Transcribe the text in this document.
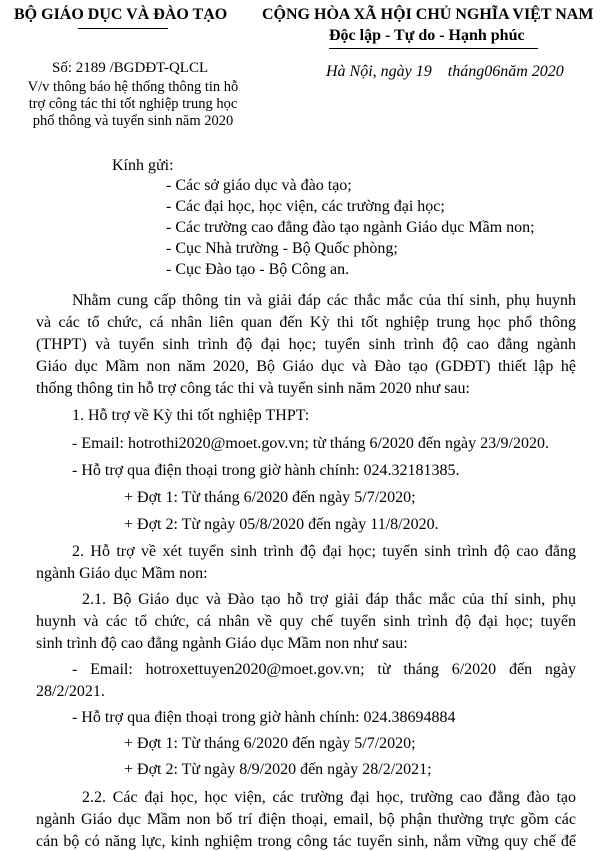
BỘ GIÁO DỤC VÀ ĐÀO TẠO CỘNG HÒA XÃ HỘI CHỦ NGHĨA VIỆT NAM
Độc lập - Tự do - Hạnh phúc
Số: 2189 /BGDĐT-QLCL
V/v thông báo hệ thống thông tin hỗ
trợ công tác thi tốt nghiệp trung học
phổ thông và tuyển sinh năm 2020
Hà Nội, ngày 19    tháng06năm 2020
Kính gửi:
- Các sở giáo dục và đào tạo;
- Các đại học, học viện, các trường đại học;
- Các trường cao đẳng đào tạo ngành Giáo dục Mầm non;
- Cục Nhà trường - Bộ Quốc phòng;
- Cục Đào tạo - Bộ Công an.
Nhằm cung cấp thông tin và giải đáp các thắc mắc của thí sinh, phụ huynh
và các tổ chức, cá nhân liên quan đến Kỳ thi tốt nghiệp trung học phổ thông
(THPT) và tuyển sinh trình độ đại học; tuyển sinh trình độ cao đẳng ngành
Giáo dục Mầm non năm 2020, Bộ Giáo dục và Đào tạo (GDĐT) thiết lập hệ
thống thông tin hỗ trợ công tác thi và tuyển sinh năm 2020 như sau:
1. Hỗ trợ về Kỳ thi tốt nghiệp THPT:
- Email: hotrothi2020@moet.gov.vn; từ tháng 6/2020 đến ngày 23/9/2020.
- Hỗ trợ qua điện thoại trong giờ hành chính: 024.32181385.
+ Đợt 1: Từ tháng 6/2020 đến ngày 5/7/2020;
+ Đợt 2: Từ ngày 05/8/2020 đến ngày 11/8/2020.
2. Hỗ trợ về xét tuyển sinh trình độ đại học; tuyển sinh trình độ cao đẳng
ngành Giáo dục Mầm non:
2.1. Bộ Giáo dục và Đào tạo hỗ trợ giải đáp thắc mắc của thí sinh, phụ
huynh và các tổ chức, cá nhân về quy chế tuyển sinh trình độ đại học; tuyển
sinh trình độ cao đẳng ngành Giáo dục Mầm non như sau:
- Email: hotroxettuyen2020@moet.gov.vn; từ tháng 6/2020 đến ngày
28/2/2021.
- Hỗ trợ qua điện thoại trong giờ hành chính: 024.38694884
+ Đợt 1: Từ tháng 6/2020 đến ngày 5/7/2020;
+ Đợt 2: Từ ngày 8/9/2020 đến ngày 28/2/2021;
2.2. Các đại học, học viện, các trường đại học, trường cao đẳng đào tạo
ngành Giáo dục Mầm non bố trí điện thoại, email, bộ phận thường trực gồm các
cán bộ có năng lực, kinh nghiệm trong công tác tuyển sinh, nắm vững quy chế để
